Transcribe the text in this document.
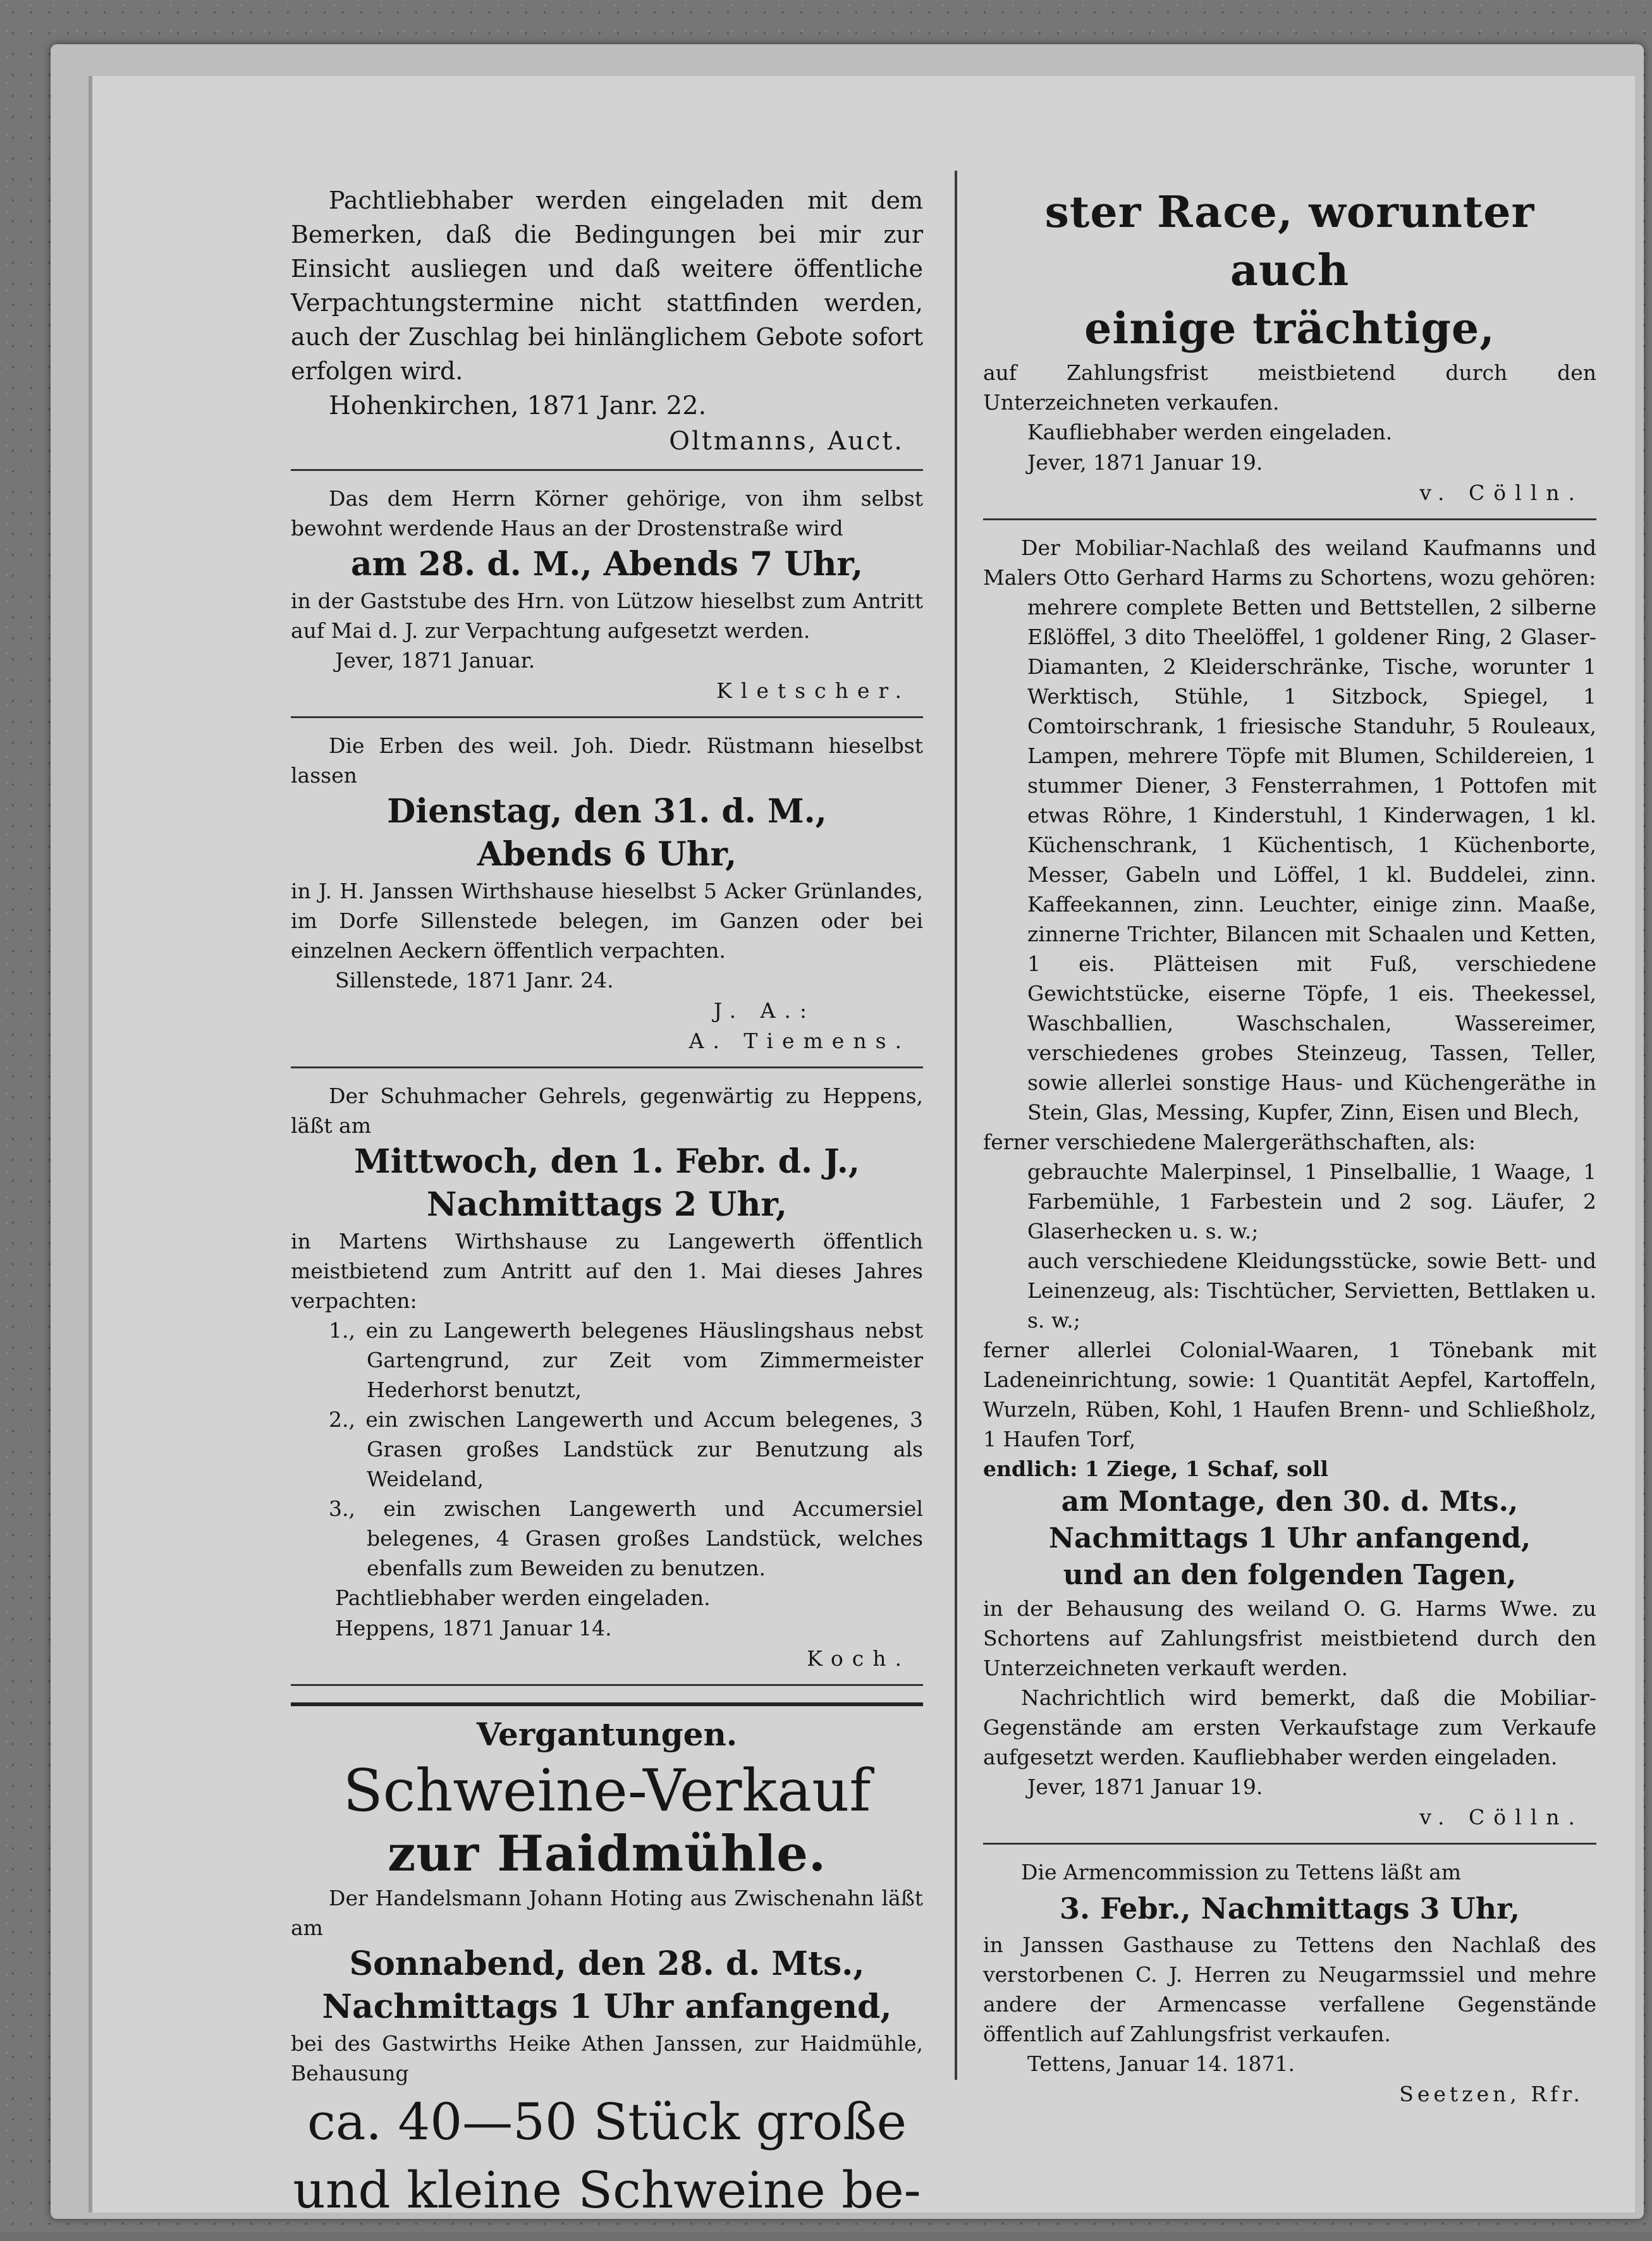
Pachtliebhaber werden eingeladen mit dem Bemerken, daß die Bedingungen bei mir zur Einsicht ausliegen und daß weitere öffentliche Verpachtungstermine nicht stattfinden werden, auch der Zuschlag bei hinlänglichem Gebote sofort erfolgen wird.

Hohenkirchen, 1871 Janr. 22.

Oltmanns, Auct.

Das dem Herrn Körner gehörige, von ihm selbst bewohnt werdende Haus an der Drostenstraße wird

am 28. d. M., Abends 7 Uhr,

in der Gaststube des Hrn. von Lützow hieselbst zum Antritt auf Mai d. J. zur Verpachtung aufgesetzt werden.

Jever, 1871 Januar.

Kletscher.

Die Erben des weil. Joh. Diedr. Rüstmann hieselbst lassen

Dienstag, den 31. d. M.,

Abends 6 Uhr,

in J. H. Janssen Wirthshause hieselbst 5 Acker Grünlandes, im Dorfe Sillenstede belegen, im Ganzen oder bei einzelnen Aeckern öffentlich verpachten.

Sillenstede, 1871 Janr. 24.

J. A.:

A. Tiemens.

Der Schuhmacher Gehrels, gegenwärtig zu Heppens, läßt am

Mittwoch, den 1. Febr. d. J.,

Nachmittags 2 Uhr,

in Martens Wirthshause zu Langewerth öffentlich meistbietend zum Antritt auf den 1. Mai dieses Jahres verpachten:

1., ein zu Langewerth belegenes Häuslingshaus nebst Gartengrund, zur Zeit vom Zimmermeister Hederhorst benutzt,

2., ein zwischen Langewerth und Accum belegenes, 3 Grasen großes Landstück zur Benutzung als Weideland,

3., ein zwischen Langewerth und Accumersiel belegenes, 4 Grasen großes Landstück, welches ebenfalls zum Beweiden zu benutzen.

Pachtliebhaber werden eingeladen.

Heppens, 1871 Januar 14.

Koch.

Vergantungen.

Schweine-Verkauf

zur Haidmühle.

Der Handelsmann Johann Hoting aus Zwischenahn läßt am

Sonnabend, den 28. d. Mts.,

Nachmittags 1 Uhr anfangend,

bei des Gastwirths Heike Athen Janssen, zur Haidmühle, Behausung

ca. 40—50 Stück große

und kleine Schweine be-

ster Race, worunter auch

einige trächtige,

auf Zahlungsfrist meistbietend durch den Unterzeichneten verkaufen.

Kaufliebhaber werden eingeladen.

Jever, 1871 Januar 19.

v. Cölln.

Der Mobiliar-Nachlaß des weiland Kaufmanns und Malers Otto Gerhard Harms zu Schortens, wozu gehören:

mehrere complete Betten und Bettstellen, 2 silberne Eßlöffel, 3 dito Theelöffel, 1 goldener Ring, 2 Glaser-Diamanten, 2 Kleiderschränke, Tische, worunter 1 Werktisch, Stühle, 1 Sitzbock, Spiegel, 1 Comtoirschrank, 1 friesische Standuhr, 5 Rouleaux, Lampen, mehrere Töpfe mit Blumen, Schildereien, 1 stummer Diener, 3 Fensterrahmen, 1 Pottofen mit etwas Röhre, 1 Kinderstuhl, 1 Kinderwagen, 1 kl. Küchenschrank, 1 Küchentisch, 1 Küchenborte, Messer, Gabeln und Löffel, 1 kl. Buddelei, zinn. Kaffeekannen, zinn. Leuchter, einige zinn. Maaße, zinnerne Trichter, Bilancen mit Schaalen und Ketten, 1 eis. Plätteisen mit Fuß, verschiedene Gewichtstücke, eiserne Töpfe, 1 eis. Theekessel, Waschballien, Waschschalen, Wassereimer, verschiedenes grobes Steinzeug, Tassen, Teller, sowie allerlei sonstige Haus- und Küchengeräthe in Stein, Glas, Messing, Kupfer, Zinn, Eisen und Blech,

ferner verschiedene Malergeräthschaften, als:

gebrauchte Malerpinsel, 1 Pinselballie, 1 Waage, 1 Farbemühle, 1 Farbestein und 2 sog. Läufer, 2 Glaserhecken u. s. w.;

auch verschiedene Kleidungsstücke, sowie Bett- und Leinenzeug, als: Tischtücher, Servietten, Bettlaken u. s. w.;

ferner allerlei Colonial-Waaren, 1 Tönebank mit Ladeneinrichtung, sowie: 1 Quantität Aepfel, Kartoffeln, Wurzeln, Rüben, Kohl, 1 Haufen Brenn- und Schließholz, 1 Haufen Torf,

endlich: 1 Ziege, 1 Schaf, soll

am Montage, den 30. d. Mts.,

Nachmittags 1 Uhr anfangend,

und an den folgenden Tagen,

in der Behausung des weiland O. G. Harms Wwe. zu Schortens auf Zahlungsfrist meistbietend durch den Unterzeichneten verkauft werden.

Nachrichtlich wird bemerkt, daß die Mobiliar-Gegenstände am ersten Verkaufstage zum Verkaufe aufgesetzt werden. Kaufliebhaber werden eingeladen.

Jever, 1871 Januar 19.

v. Cölln.

Die Armencommission zu Tettens läßt am

3. Febr., Nachmittags 3 Uhr,

in Janssen Gasthause zu Tettens den Nachlaß des verstorbenen C. J. Herren zu Neugarmssiel und mehre andere der Armencasse verfallene Gegenstände öffentlich auf Zahlungsfrist verkaufen.

Tettens, Januar 14. 1871.

Seetzen, Rfr.
